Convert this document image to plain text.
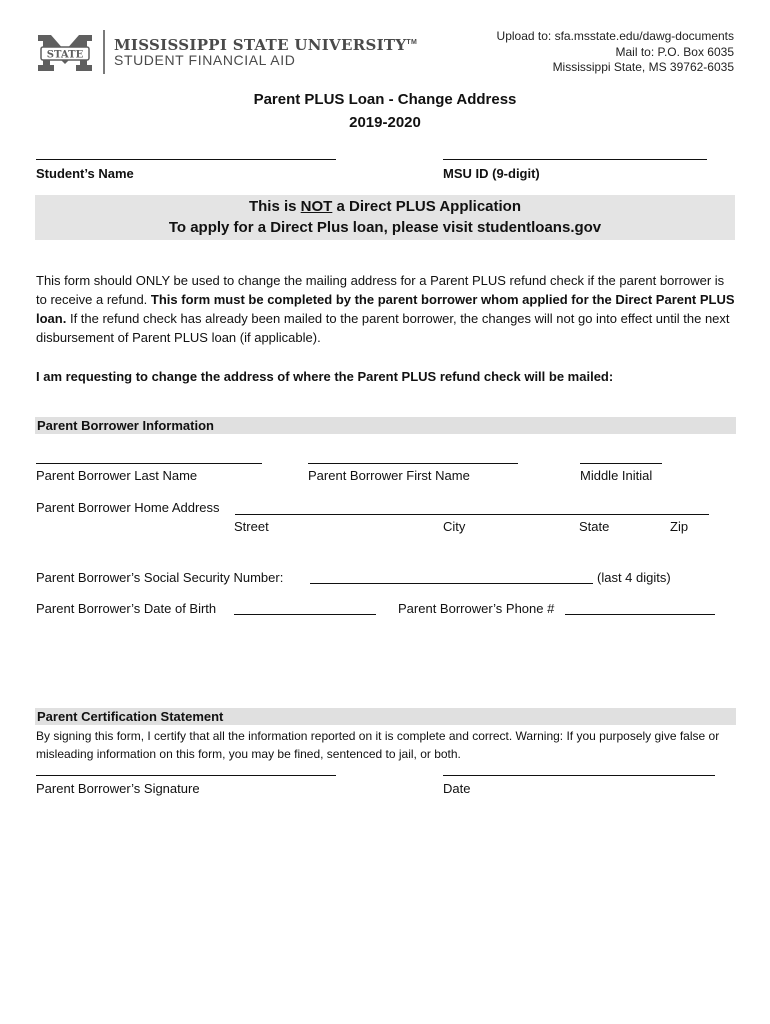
STATE
MISSISSIPPI STATE UNIVERSITY™
STUDENT FINANCIAL AID
Upload to: sfa.msstate.edu/dawg-documents
Mail to: P.O. Box 6035
Mississippi State, MS 39762-6035
Parent PLUS Loan - Change Address
2019-2020
Student’s Name	MSU ID (9-digit)
This is NOT a Direct PLUS Application
To apply for a Direct Plus loan, please visit studentloans.gov
This form should ONLY be used to change the mailing address for a Parent PLUS refund check if the parent borrower is to receive a refund. This form must be completed by the parent borrower whom applied for the Direct Parent PLUS loan. If the refund check has already been mailed to the parent borrower, the changes will not go into effect until the next disbursement of Parent PLUS loan (if applicable).
I am requesting to change the address of where the Parent PLUS refund check will be mailed:
Parent Borrower Information
Parent Borrower Last Name	Parent Borrower First Name	Middle Initial
Parent Borrower Home Address
Street	City	State	Zip
Parent Borrower’s Social Security Number:	(last 4 digits)
Parent Borrower’s Date of Birth	Parent Borrower’s Phone #
Parent Certification Statement
By signing this form, I certify that all the information reported on it is complete and correct. Warning: If you purposely give false or misleading information on this form, you may be fined, sentenced to jail, or both.
Parent Borrower’s Signature	Date
